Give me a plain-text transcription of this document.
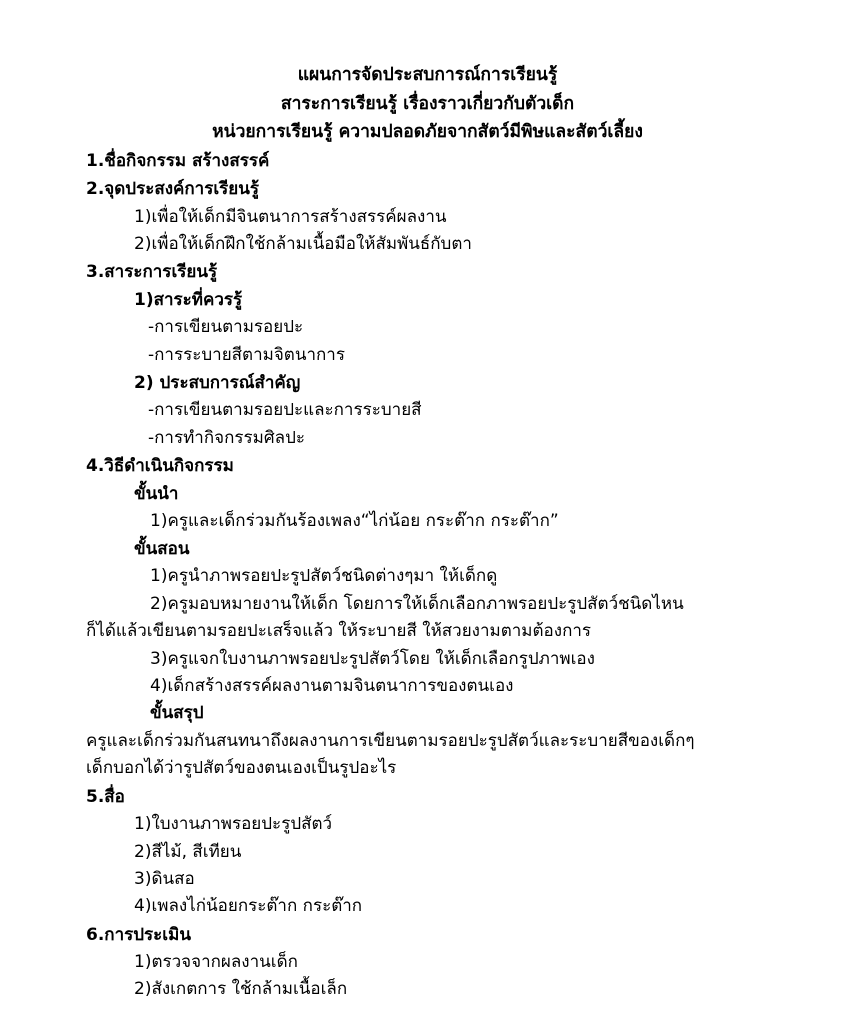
แผนการจัดประสบการณ์การเรียนรู้
สาระการเรียนรู้ เรื่องราวเกี่ยวกับตัวเด็ก
หน่วยการเรียนรู้ ความปลอดภัยจากสัตว์มีพิษและสัตว์เลี้ยง
1.ชื่อกิจกรรม สร้างสรรค์
2.จุดประสงค์การเรียนรู้
1)เพื่อให้เด็กมีจินตนาการสร้างสรรค์ผลงาน
2)เพื่อให้เด็กฝึกใช้กล้ามเนื้อมือให้สัมพันธ์กับตา
3.สาระการเรียนรู้
1)สาระที่ควรรู้
-การเขียนตามรอยปะ
-การระบายสีตามจิตนาการ
2) ประสบการณ์สำคัญ
-การเขียนตามรอยปะและการระบายสี
-การทำกิจกรรมศิลปะ
4.วิธีดำเนินกิจกรรม
ขั้นนำ
1)ครูและเด็กร่วมกันร้องเพลง“ไก่น้อย กระต๊าก กระต๊าก”
ขั้นสอน
1)ครูนำภาพรอยปะรูปสัตว์ชนิดต่างๆมา ให้เด็กดู
2)ครูมอบหมายงานให้เด็ก โดยการให้เด็กเลือกภาพรอยปะรูปสัตว์ชนิดไหน
ก็ได้แล้วเขียนตามรอยปะเสร็จแล้ว ให้ระบายสี ให้สวยงามตามต้องการ
3)ครูแจกใบงานภาพรอยปะรูปสัตว์โดย ให้เด็กเลือกรูปภาพเอง
4)เด็กสร้างสรรค์ผลงานตามจินตนาการของตนเอง
ขั้นสรุป
ครูและเด็กร่วมกันสนทนาถึงผลงานการเขียนตามรอยปะรูปสัตว์และระบายสีของเด็กๆ
เด็กบอกได้ว่ารูปสัตว์ของตนเองเป็นรูปอะไร
5.สื่อ
1)ใบงานภาพรอยปะรูปสัตว์
2)สีไม้, สีเทียน
3)ดินสอ
4)เพลงไก่น้อยกระต๊าก กระต๊าก
6.การประเมิน
1)ตรวจจากผลงานเด็ก
2)สังเกตการ ใช้กล้ามเนื้อเล็ก
